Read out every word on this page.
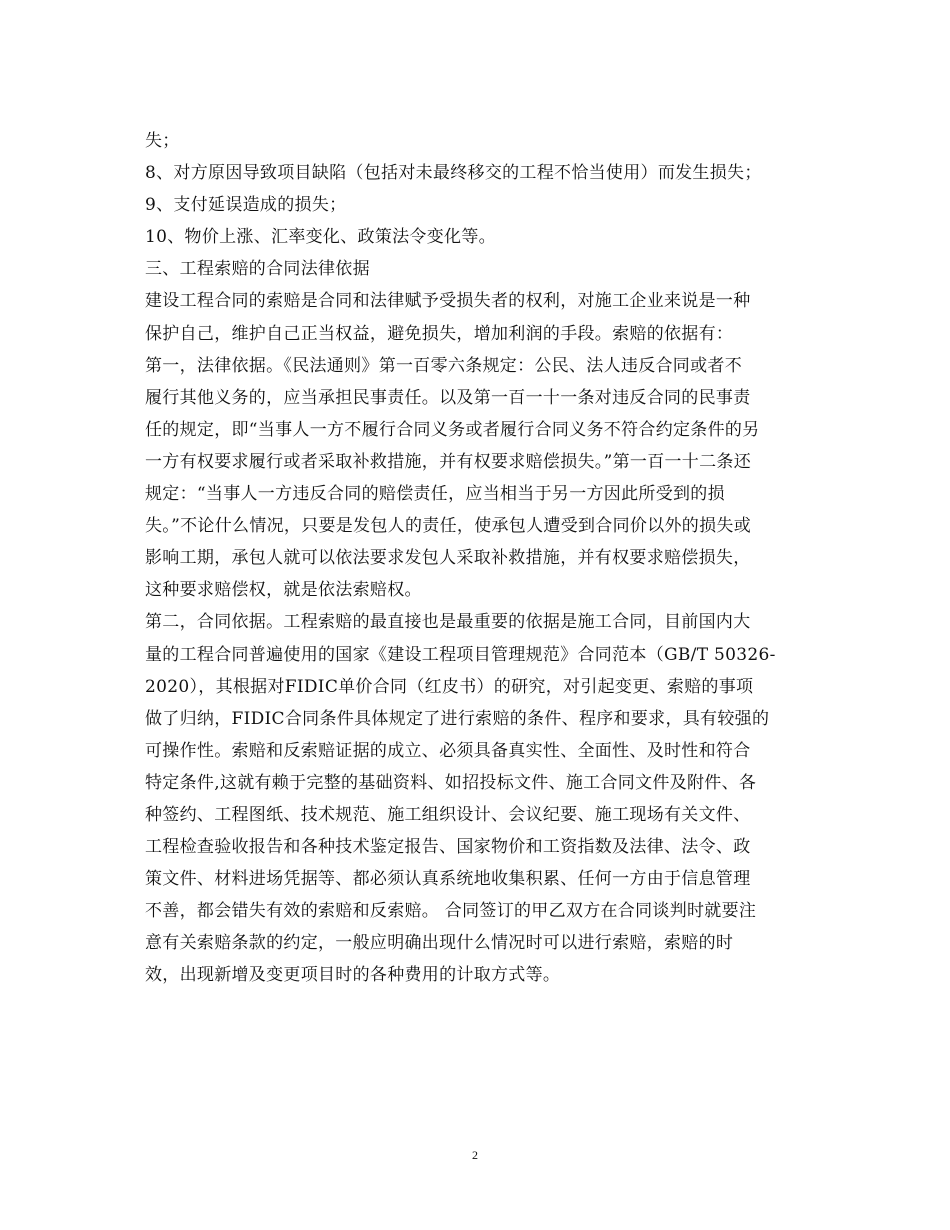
失；
8、对方原因导致项目缺陷（包括对未最终移交的工程不恰当使用）而发生损失；
9、支付延误造成的损失；
10、物价上涨、汇率变化、政策法令变化等。
三、工程索赔的合同法律依据
建设工程合同的索赔是合同和法律赋予受损失者的权利，对施工企业来说是一种
保护自己，维护自己正当权益，避免损失，增加利润的手段。索赔的依据有：
第一，法律依据。《民法通则》第一百零六条规定：公民、法人违反合同或者不
履行其他义务的，应当承担民事责任。以及第一百一十一条对违反合同的民事责
任的规定，即“当事人一方不履行合同义务或者履行合同义务不符合约定条件的另
一方有权要求履行或者采取补救措施，并有权要求赔偿损失。”第一百一十二条还
规定：“当事人一方违反合同的赔偿责任，应当相当于另一方因此所受到的损
失。”不论什么情况，只要是发包人的责任，使承包人遭受到合同价以外的损失或
影响工期，承包人就可以依法要求发包人采取补救措施，并有权要求赔偿损失，
这种要求赔偿权，就是依法索赔权。
第二，合同依据。工程索赔的最直接也是最重要的依据是施工合同，目前国内大
量的工程合同普遍使用的国家《建设工程项目管理规范》合同范本（GB/T 50326-
2020），其根据对FIDIC单价合同（红皮书）的研究，对引起变更、索赔的事项
做了归纳，FIDIC合同条件具体规定了进行索赔的条件、程序和要求，具有较强的
可操作性。索赔和反索赔证据的成立、必须具备真实性、全面性、及时性和符合
特定条件,这就有赖于完整的基础资料、如招投标文件、施工合同文件及附件、各
种签约、工程图纸、技术规范、施工组织设计、会议纪要、施工现场有关文件、
工程检查验收报告和各种技术鉴定报告、国家物价和工资指数及法律、法令、政
策文件、材料进场凭据等、都必须认真系统地收集积累、任何一方由于信息管理
不善，都会错失有效的索赔和反索赔。 合同签订的甲乙双方在合同谈判时就要注
意有关索赔条款的约定，一般应明确出现什么情况时可以进行索赔，索赔的时
效，出现新增及变更项目时的各种费用的计取方式等。
2
